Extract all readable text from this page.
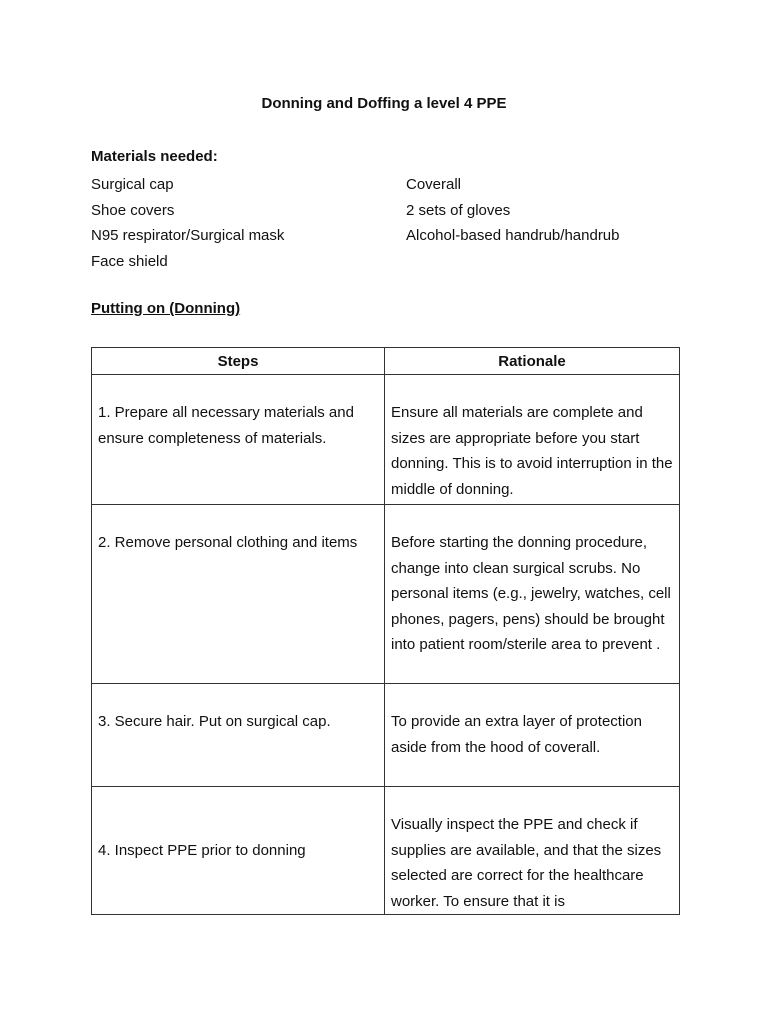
Donning and Doffing a level 4 PPE
Materials needed:
Surgical cap
Shoe covers
N95 respirator/Surgical mask
Face shield
Coverall
2 sets of gloves
Alcohol-based handrub/handrub
Putting on (Donning)
Steps	Rationale
1. Prepare all necessary materials and ensure completeness of materials.	Ensure all materials are complete and sizes are appropriate before you start donning. This is to avoid interruption in the middle of donning.
2. Remove personal clothing and items	Before starting the donning procedure, change into clean surgical scrubs. No personal items (e.g., jewelry, watches, cell phones, pagers, pens) should be brought into patient room/sterile area to prevent .
3. Secure hair. Put on surgical cap.	To provide an extra layer of protection aside from the hood of coverall.
4. Inspect PPE prior to donning	Visually inspect the PPE and check if supplies are available, and that the sizes selected are correct for the healthcare worker. To ensure that it is
